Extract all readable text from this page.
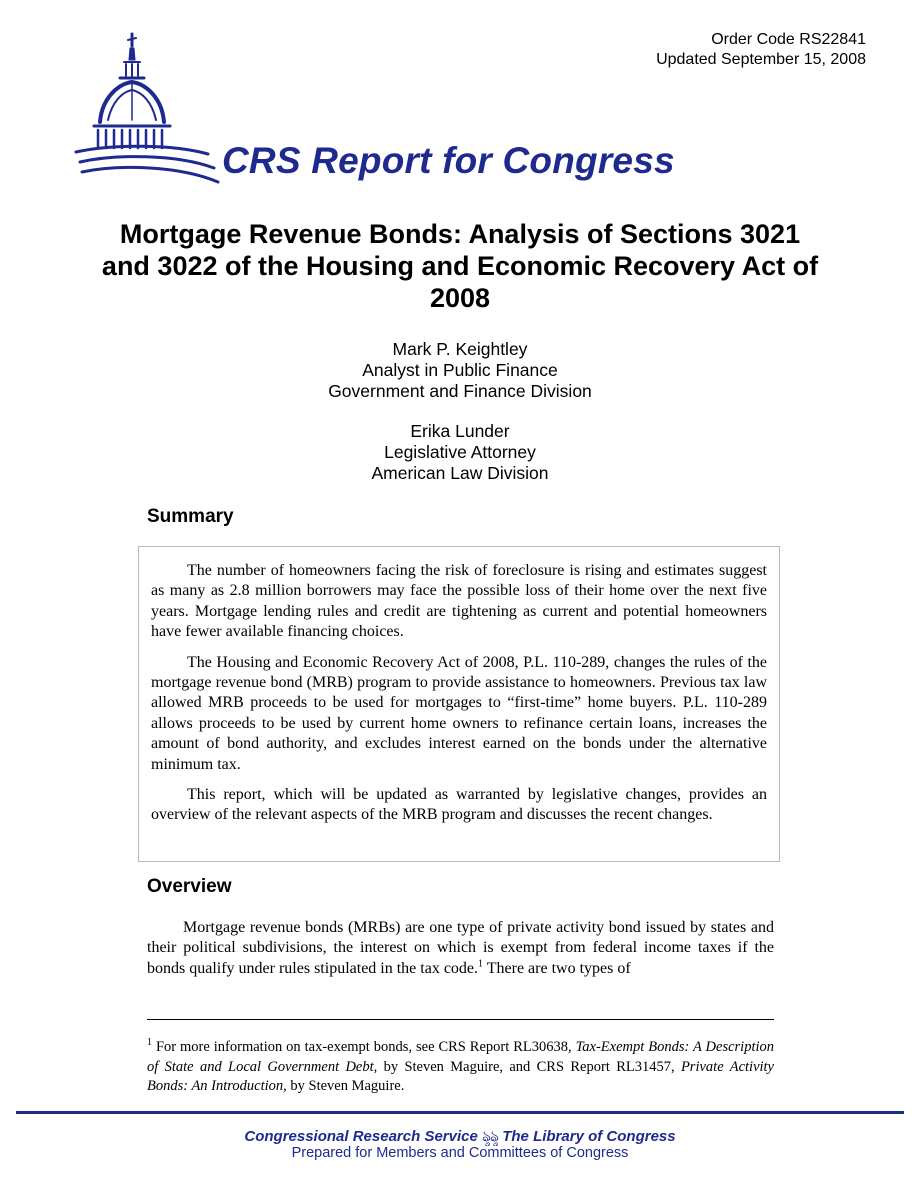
Order Code RS22841
Updated September 15, 2008
CRS Report for Congress
Mortgage Revenue Bonds: Analysis of Sections 3021 and 3022 of the Housing and Economic Recovery Act of 2008
Mark P. Keightley
Analyst in Public Finance
Government and Finance Division
Erika Lunder
Legislative Attorney
American Law Division
Summary

The number of homeowners facing the risk of foreclosure is rising and estimates suggest as many as 2.8 million borrowers may face the possible loss of their home over the next five years. Mortgage lending rules and credit are tightening as current and potential homeowners have fewer available financing choices.

The Housing and Economic Recovery Act of 2008, P.L. 110-289, changes the rules of the mortgage revenue bond (MRB) program to provide assistance to homeowners. Previous tax law allowed MRB proceeds to be used for mortgages to “first-time” home buyers. P.L. 110-289 allows proceeds to be used by current home owners to refinance certain loans, increases the amount of bond authority, and excludes interest earned on the bonds under the alternative minimum tax.

This report, which will be updated as warranted by legislative changes, provides an overview of the relevant aspects of the MRB program and discusses the recent changes.

Overview

Mortgage revenue bonds (MRBs) are one type of private activity bond issued by states and their political subdivisions, the interest on which is exempt from federal income taxes if the bonds qualify under rules stipulated in the tax code.$^1$ There are two types of

$^1$ For more information on tax-exempt bonds, see CRS Report RL30638, Tax-Exempt Bonds: A Description of State and Local Government Debt, by Steven Maguire, and CRS Report RL31457, Private Activity Bonds: An Introduction, by Steven Maguire.
Congressional Research Service ৡৡ The Library of Congress
Prepared for Members and Committees of Congress
